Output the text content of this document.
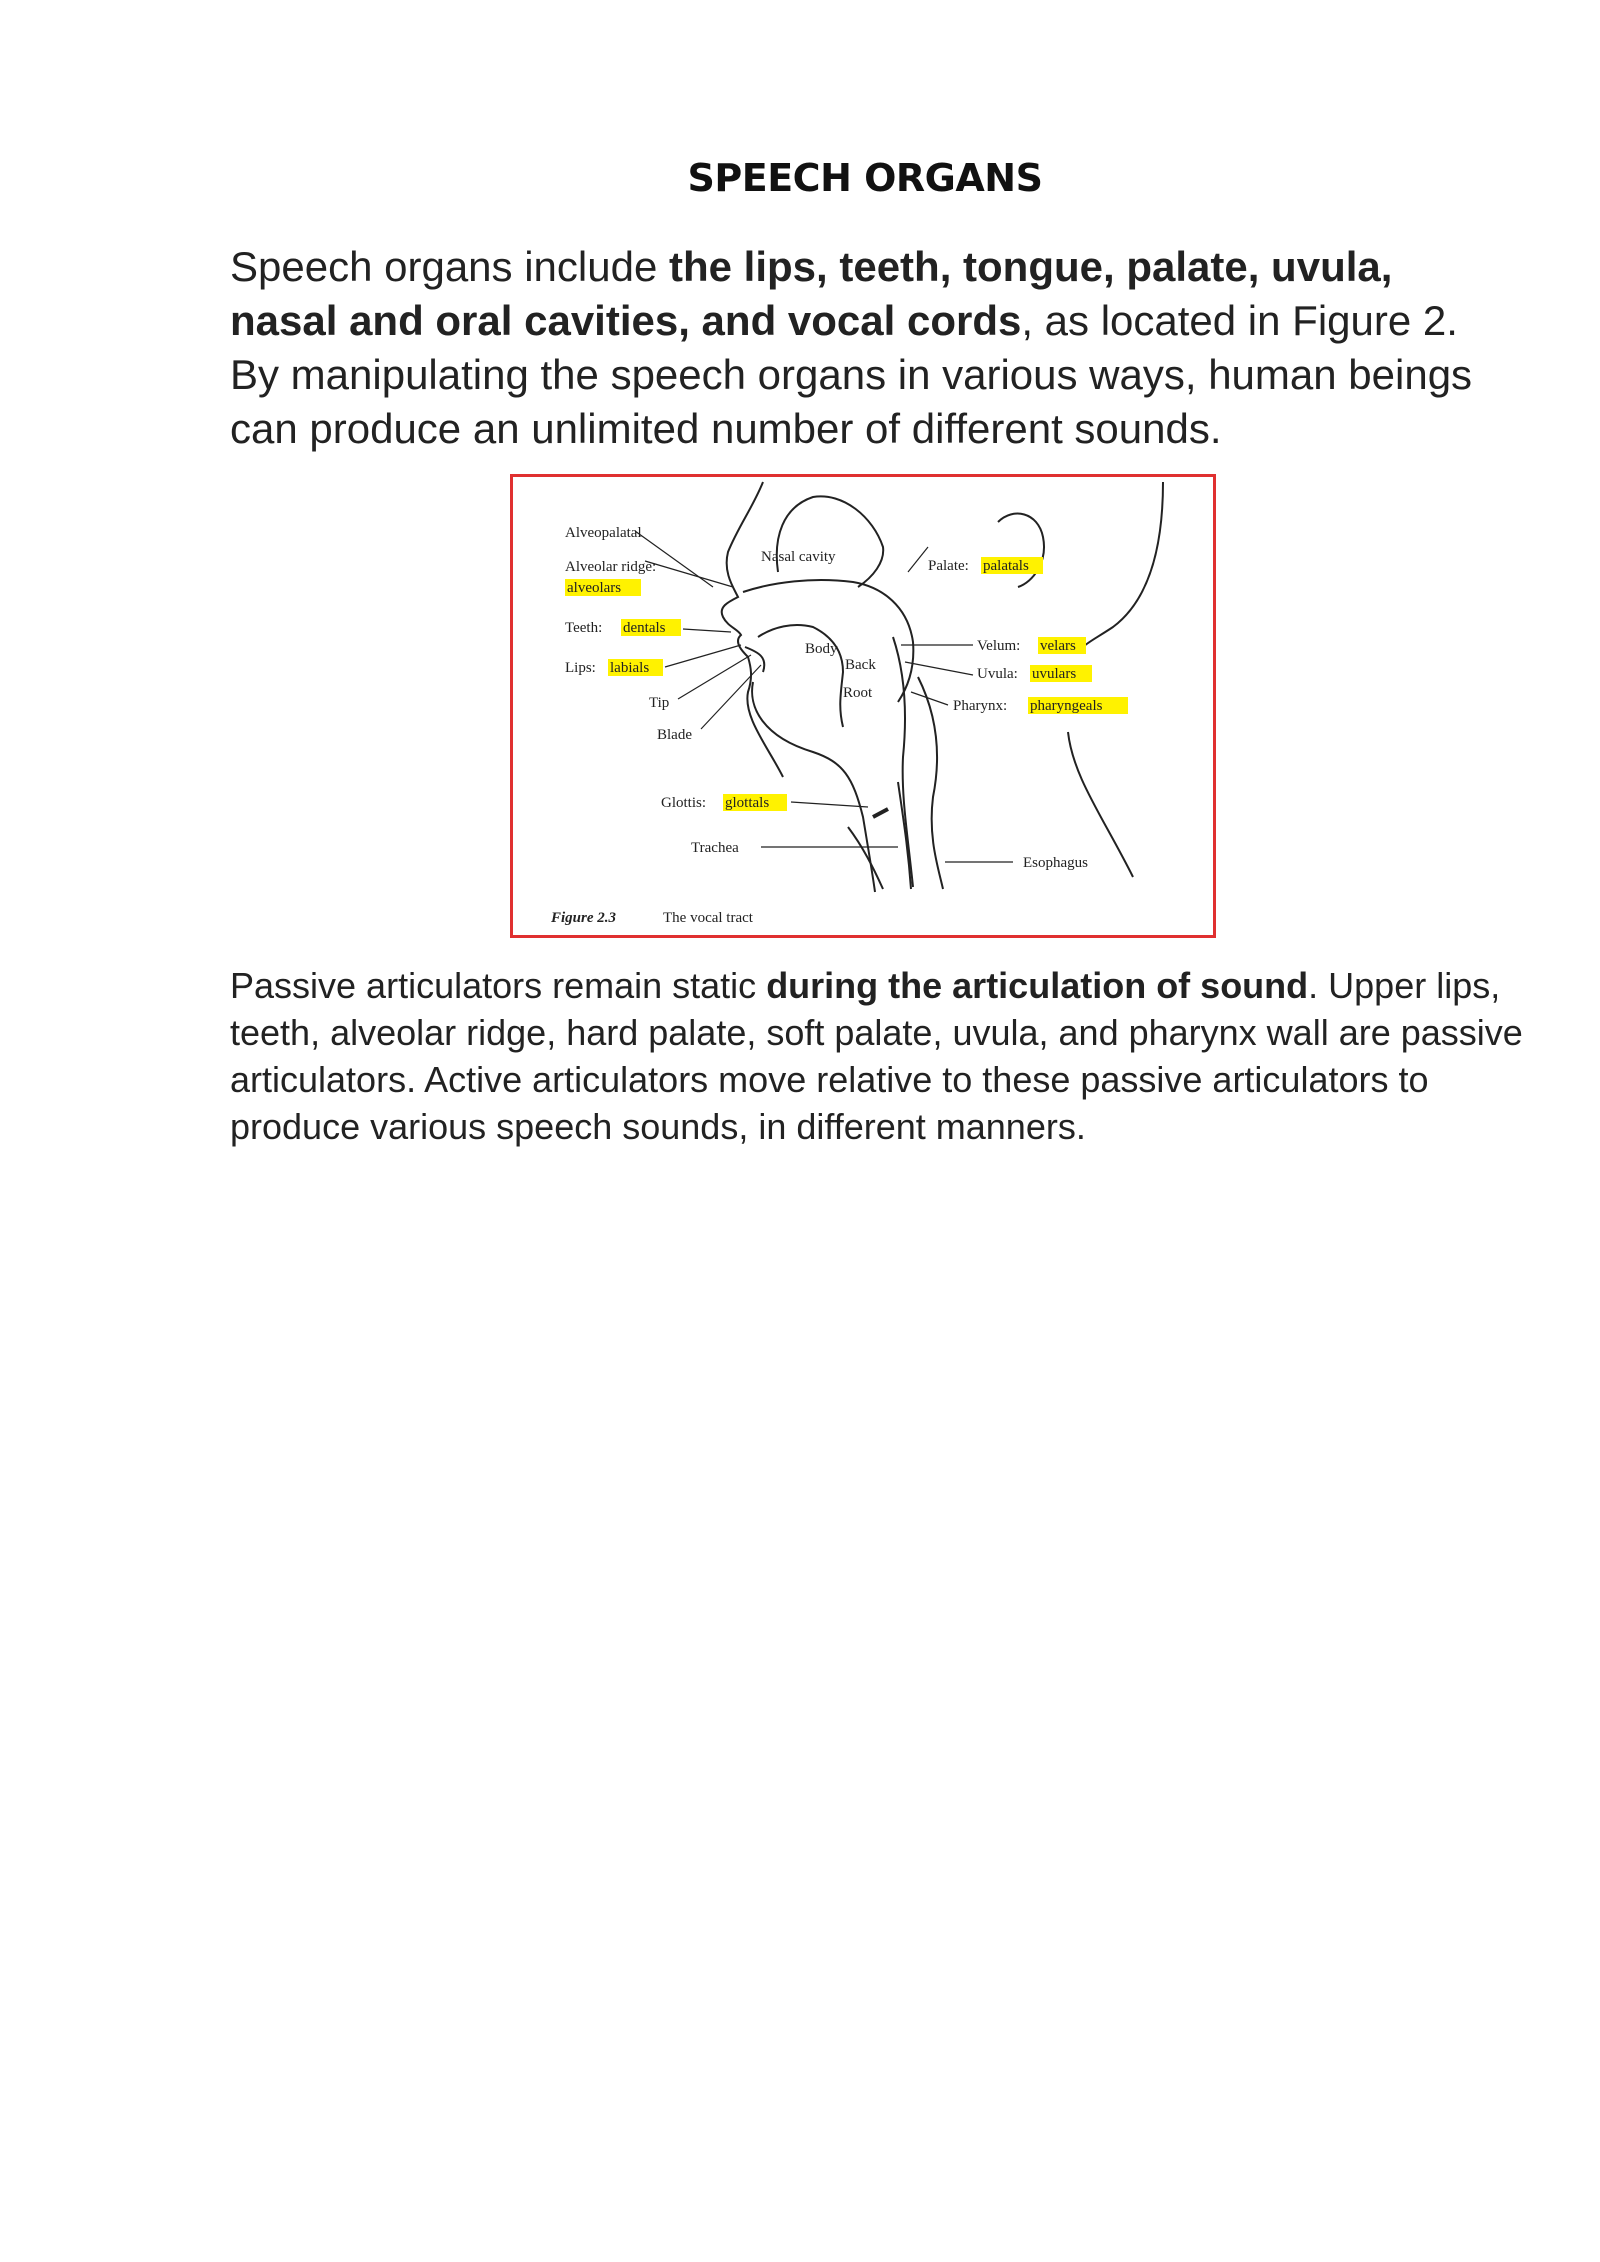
SPEECH ORGANS

Speech organs include the lips, teeth, tongue, palate, uvula, nasal and oral cavities, and vocal cords, as located in Figure 2. By manipulating the speech organs in various ways, human beings can produce an unlimited number of different sounds.

Alveopalatal
Alveolar ridge:
alveolars
Teeth: dentals
Lips: labials
Tip
Blade
Nasal cavity
Body
Back
Root
Palate: palatals
Velum: velars
Uvula: uvulars
Pharynx: pharyngeals
Glottis: glottals
Trachea
Esophagus
Figure 2.3	The vocal tract

Passive articulators remain static during the articulation of sound. Upper lips, teeth, alveolar ridge, hard palate, soft palate, uvula, and pharynx wall are passive articulators. Active articulators move relative to these passive articulators to produce various speech sounds, in different manners.
